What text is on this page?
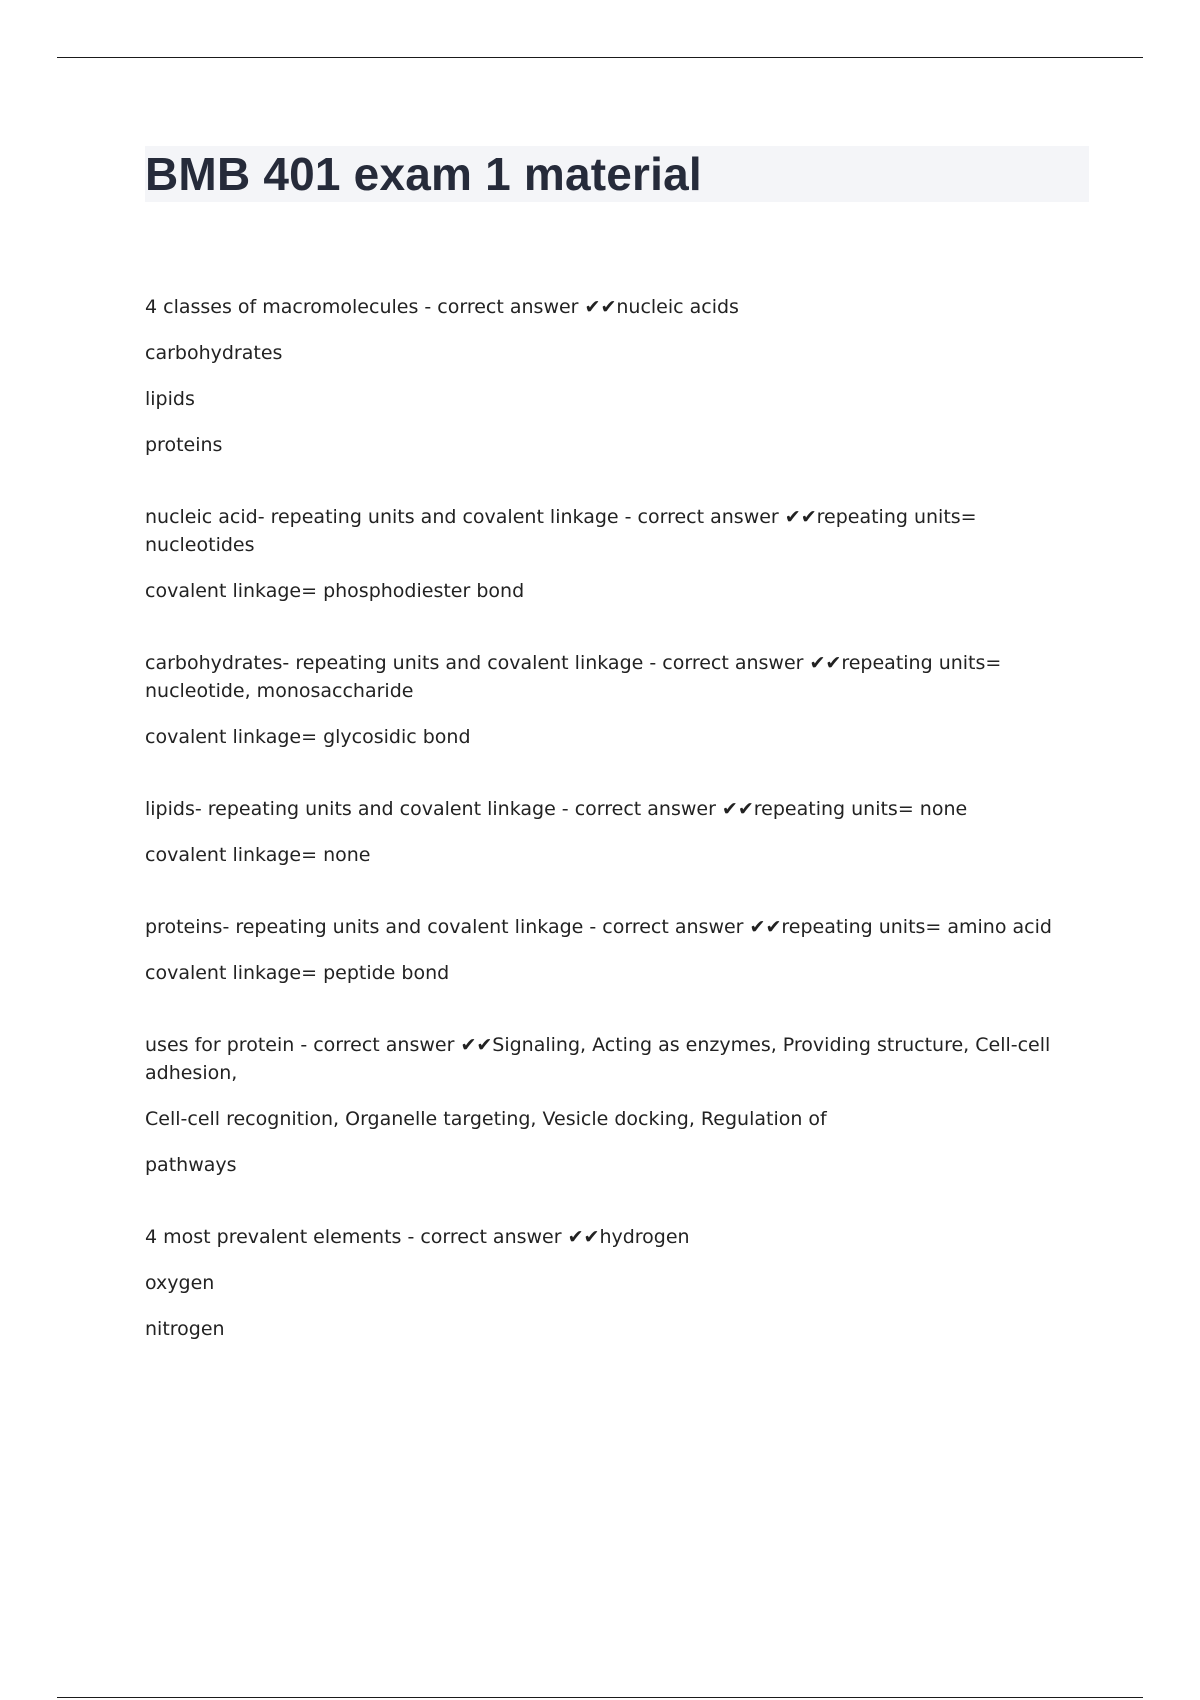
BMB 401 exam 1 material
4 classes of macromolecules - correct answer ✔✔nucleic acids
carbohydrates
lipids
proteins
nucleic acid- repeating units and covalent linkage - correct answer ✔✔repeating units= nucleotides
covalent linkage= phosphodiester bond
carbohydrates- repeating units and covalent linkage - correct answer ✔✔repeating units= nucleotide, monosaccharide
covalent linkage= glycosidic bond
lipids- repeating units and covalent linkage - correct answer ✔✔repeating units= none
covalent linkage= none
proteins- repeating units and covalent linkage - correct answer ✔✔repeating units= amino acid
covalent linkage= peptide bond
uses for protein - correct answer ✔✔Signaling, Acting as enzymes, Providing structure, Cell-cell adhesion,
Cell-cell recognition, Organelle targeting, Vesicle docking, Regulation of
pathways
4 most prevalent elements - correct answer ✔✔hydrogen
oxygen
nitrogen
